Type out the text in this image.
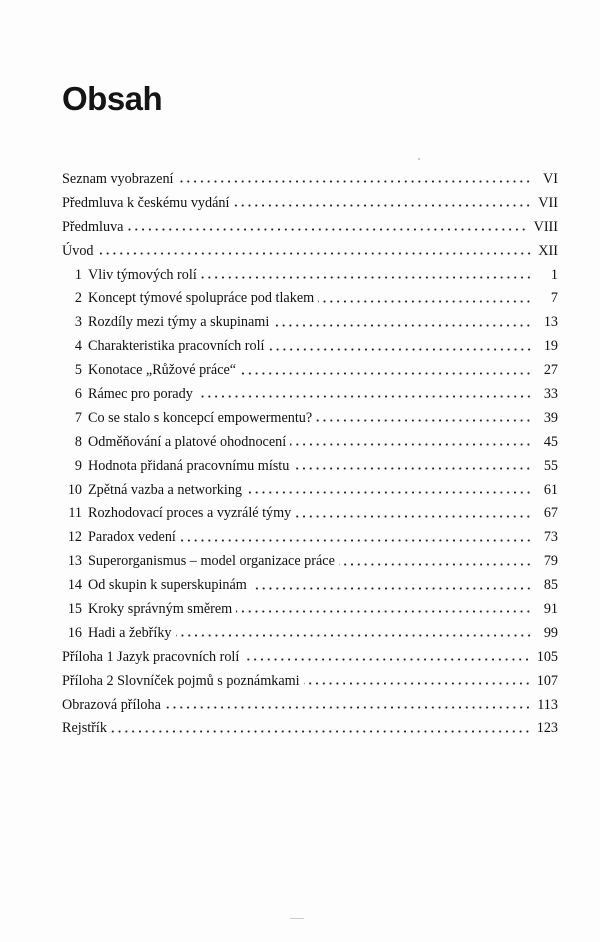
Obsah
Seznam vyobrazení	VI
Předmluva k českému vydání	VII
Předmluva	VIII
Úvod	XII
1 Vliv týmových rolí	1
2 Koncept týmové spolupráce pod tlakem	7
3 Rozdíly mezi týmy a skupinami	13
4 Charakteristika pracovních rolí	19
5 Konotace „Růžové práce“	27
6 Rámec pro porady	33
7 Co se stalo s koncepcí empowermentu?	39
8 Odměňování a platové ohodnocení	45
9 Hodnota přidaná pracovnímu místu	55
10 Zpětná vazba a networking	61
11 Rozhodovací proces a vyzrálé týmy	67
12 Paradox vedení	73
13 Superorganismus – model organizace práce	79
14 Od skupin k superskupinám	85
15 Kroky správným směrem	91
16 Hadi a žebříky	99
Příloha 1 Jazyk pracovních rolí	105
Příloha 2 Slovníček pojmů s poznámkami	107
Obrazová příloha	113
Rejstřík	123
